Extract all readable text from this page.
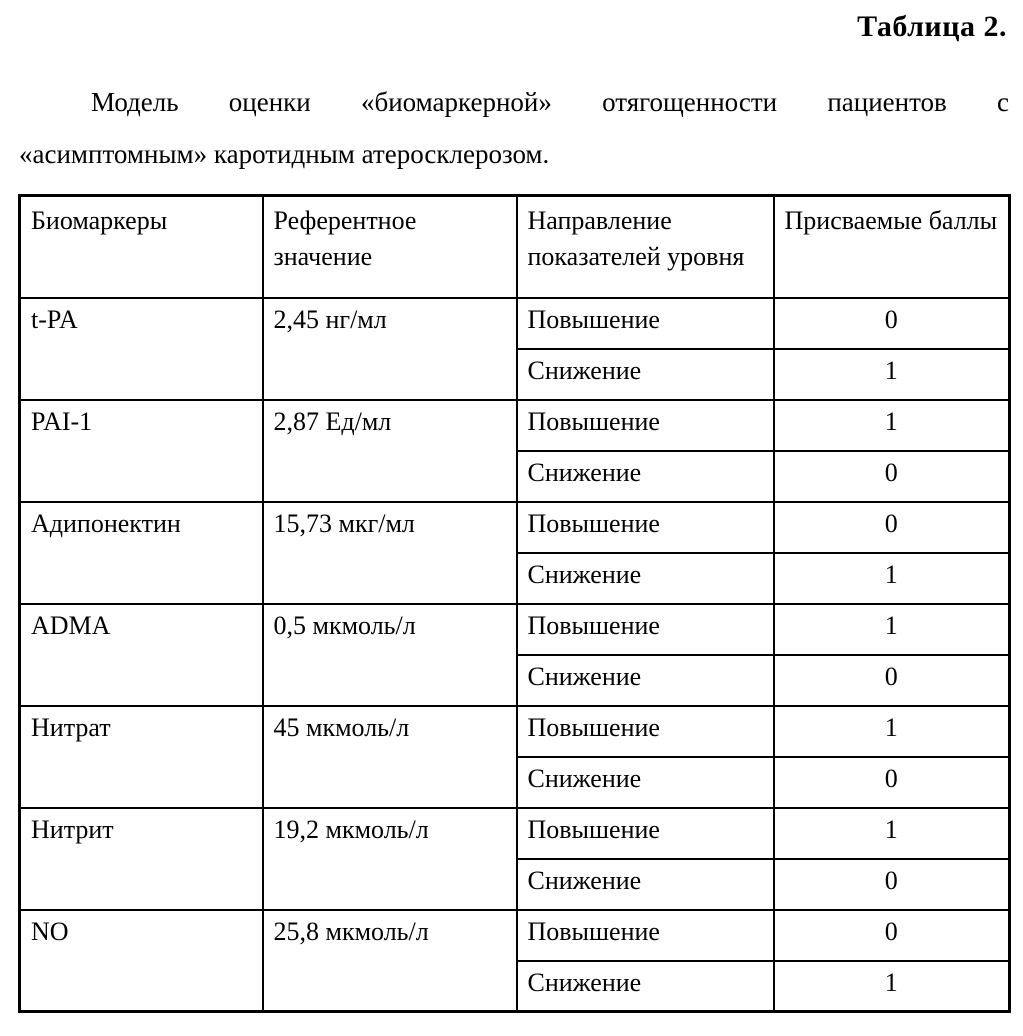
Таблица 2.
Модель оценки «биомаркерной» отягощенности пациентов с
«асимптомным» каротидным атеросклерозом.
Биомаркеры	Референтное значение	Направление показателей уровня	Присваемые баллы
t-PA	2,45 нг/мл	Повышение	0
		Снижение	1
PAI-1	2,87 Ед/мл	Повышение	1
		Снижение	0
Адипонектин	15,73 мкг/мл	Повышение	0
		Снижение	1
ADMA	0,5 мкмоль/л	Повышение	1
		Снижение	0
Нитрат	45 мкмоль/л	Повышение	1
		Снижение	0
Нитрит	19,2 мкмоль/л	Повышение	1
		Снижение	0
NO	25,8 мкмоль/л	Повышение	0
		Снижение	1
